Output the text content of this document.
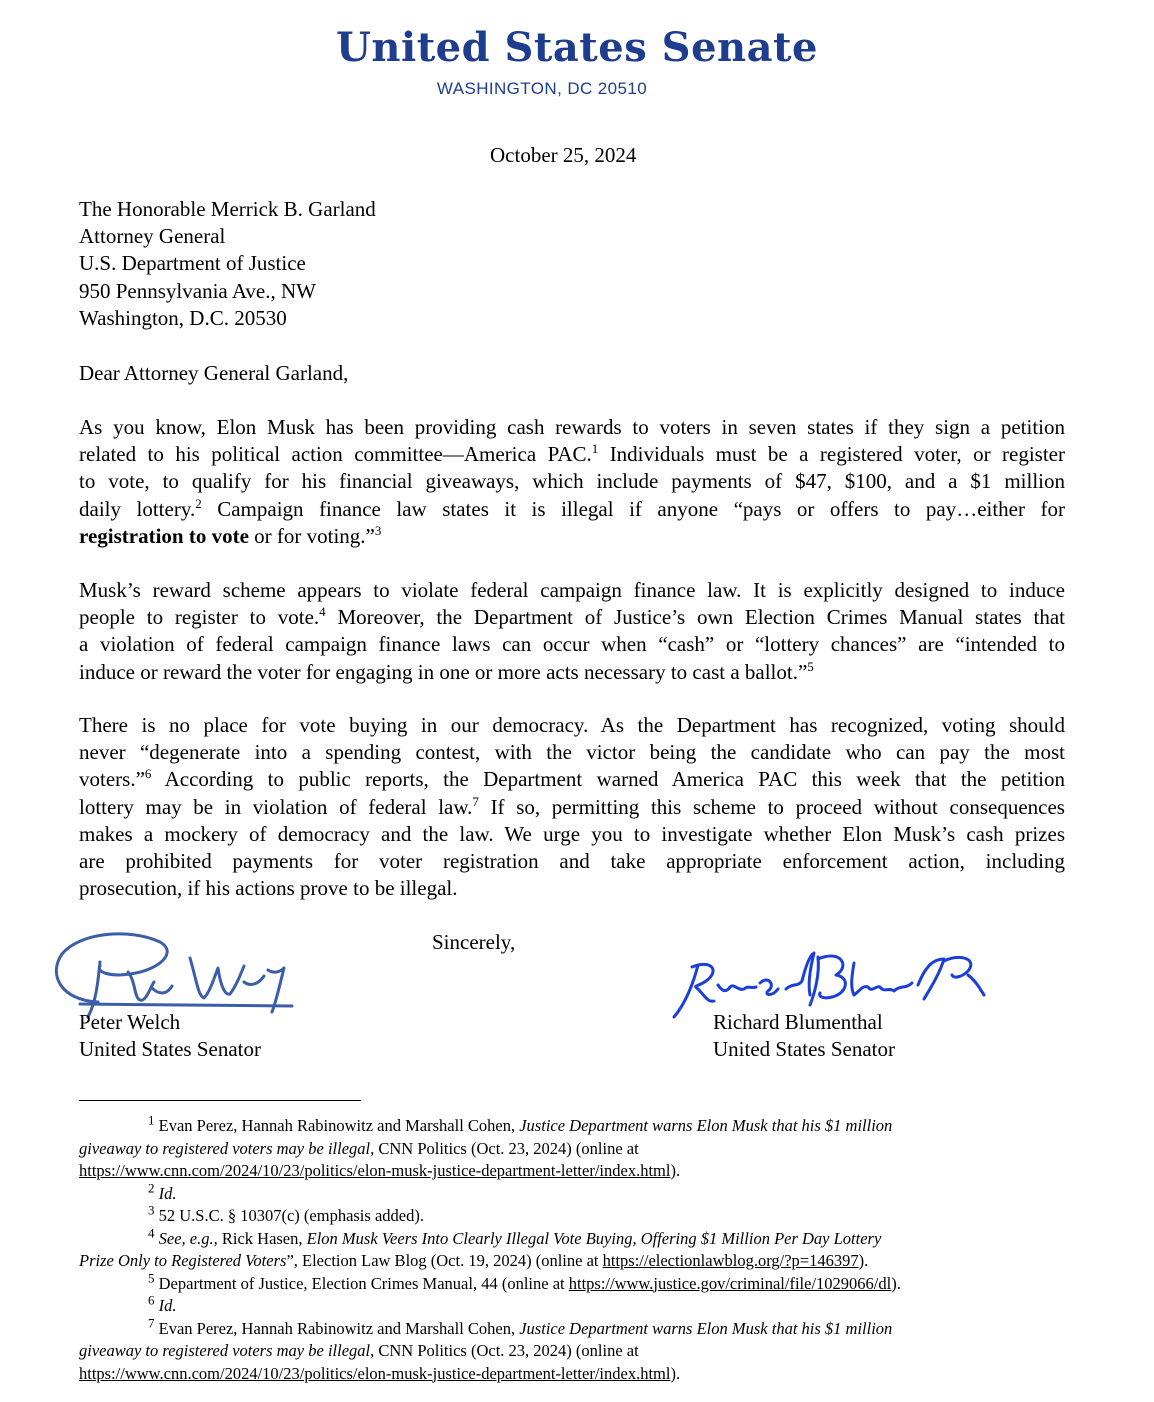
United States Senate
WASHINGTON, DC 20510
October 25, 2024
The Honorable Merrick B. Garland
Attorney General
U.S. Department of Justice
950 Pennsylvania Ave., NW
Washington, D.C. 20530
Dear Attorney General Garland,
As you know, Elon Musk has been providing cash rewards to voters in seven states if they sign a petition
related to his political action committee—America PAC.$^1$ Individuals must be a registered voter, or register
to vote, to qualify for his financial giveaways, which include payments of $47, $100, and a $1 million
daily lottery.$^2$ Campaign finance law states it is illegal if anyone “pays or offers to pay…either for
registration to vote or for voting.”$^3$
Musk’s reward scheme appears to violate federal campaign finance law. It is explicitly designed to induce
people to register to vote.$^4$ Moreover, the Department of Justice’s own Election Crimes Manual states that
a violation of federal campaign finance laws can occur when “cash” or “lottery chances” are “intended to
induce or reward the voter for engaging in one or more acts necessary to cast a ballot.”$^5$
There is no place for vote buying in our democracy. As the Department has recognized, voting should
never “degenerate into a spending contest, with the victor being the candidate who can pay the most
voters.”$^6$ According to public reports, the Department warned America PAC this week that the petition
lottery may be in violation of federal law.$^7$ If so, permitting this scheme to proceed without consequences
makes a mockery of democracy and the law. We urge you to investigate whether Elon Musk’s cash prizes
are prohibited payments for voter registration and take appropriate enforcement action, including
prosecution, if his actions prove to be illegal.
Sincerely,
Peter Welch
United States Senator
Richard Blumenthal
United States Senator
$^1$ Evan Perez, Hannah Rabinowitz and Marshall Cohen, Justice Department warns Elon Musk that his $1 million
giveaway to registered voters may be illegal, CNN Politics (Oct. 23, 2024) (online at
https://www.cnn.com/2024/10/23/politics/elon-musk-justice-department-letter/index.html).
$^2$ Id.
$^3$ 52 U.S.C. § 10307(c) (emphasis added).
$^4$ See, e.g., Rick Hasen, Elon Musk Veers Into Clearly Illegal Vote Buying, Offering $1 Million Per Day Lottery
Prize Only to Registered Voters”, Election Law Blog (Oct. 19, 2024) (online at https://electionlawblog.org/?p=146397).
$^5$ Department of Justice, Election Crimes Manual, 44 (online at https://www.justice.gov/criminal/file/1029066/dl).
$^6$ Id.
$^7$ Evan Perez, Hannah Rabinowitz and Marshall Cohen, Justice Department warns Elon Musk that his $1 million
giveaway to registered voters may be illegal, CNN Politics (Oct. 23, 2024) (online at
https://www.cnn.com/2024/10/23/politics/elon-musk-justice-department-letter/index.html).
